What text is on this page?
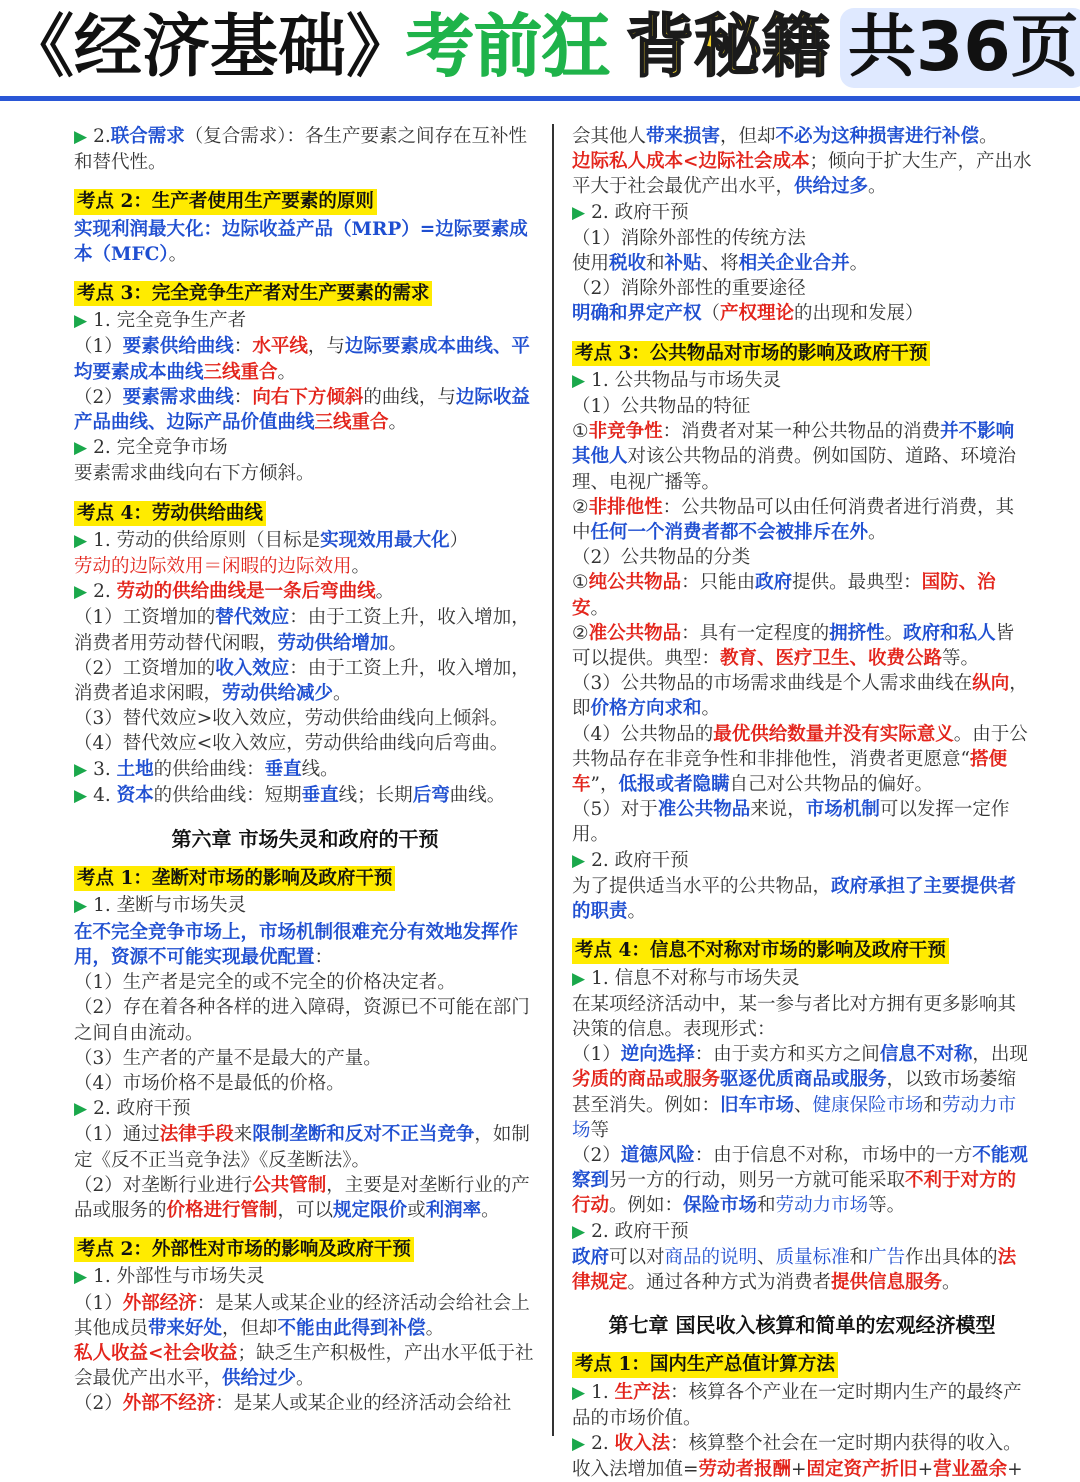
《经济基础》
考前狂 背秘籍 共36页

▶ 2.联合需求（复合需求）：各生产要素之间存在互补性和替代性。

考点 2：生产者使用生产要素的原则

实现利润最大化：边际收益产品（MRP）=边际要素成本（MFC）。

考点 3：完全竞争生产者对生产要素的需求

▶ 1. 完全竞争生产者

（1）要素供给曲线：水平线，与边际要素成本曲线、平均要素成本曲线三线重合。

（2）要素需求曲线：向右下方倾斜的曲线，与边际收益产品曲线、边际产品价值曲线三线重合。

▶ 2. 完全竞争市场

要素需求曲线向右下方倾斜。

考点 4：劳动供给曲线

▶ 1. 劳动的供给原则（目标是实现效用最大化）

劳动的边际效用＝闲暇的边际效用。

▶ 2. 劳动的供给曲线是一条后弯曲线。

（1）工资增加的替代效应：由于工资上升，收入增加，消费者用劳动替代闲暇，劳动供给增加。

（2）工资增加的收入效应：由于工资上升，收入增加，消费者追求闲暇，劳动供给减少。

（3）替代效应>收入效应，劳动供给曲线向上倾斜。

（4）替代效应<收入效应，劳动供给曲线向后弯曲。

▶ 3. 土地的供给曲线：垂直线。

▶ 4. 资本的供给曲线：短期垂直线；长期后弯曲线。

第六章 市场失灵和政府的干预
考点 1：垄断对市场的影响及政府干预

▶ 1. 垄断与市场失灵

在不完全竞争市场上，市场机制很难充分有效地发挥作用，资源不可能实现最优配置：

（1）生产者是完全的或不完全的价格决定者。

（2）存在着各种各样的进入障碍，资源已不可能在部门之间自由流动。

（3）生产者的产量不是最大的产量。

（4）市场价格不是最低的价格。

▶ 2. 政府干预

（1）通过法律手段来限制垄断和反对不正当竞争，如制定《反不正当竞争法》《反垄断法》。

（2）对垄断行业进行公共管制，主要是对垄断行业的产品或服务的价格进行管制，可以规定限价或利润率。

考点 2：外部性对市场的影响及政府干预

▶ 1. 外部性与市场失灵

（1）外部经济：是某人或某企业的经济活动会给社会上其他成员带来好处，但却不能由此得到补偿。

私人收益<社会收益；缺乏生产积极性，产出水平低于社会最优产出水平，供给过少。

（2）外部不经济：是某人或某企业的经济活动会给社

会其他人带来损害，但却不必为这种损害进行补偿。

边际私人成本<边际社会成本；倾向于扩大生产，产出水平大于社会最优产出水平，供给过多。

▶ 2. 政府干预

（1）消除外部性的传统方法

使用税收和补贴、将相关企业合并。

（2）消除外部性的重要途径

明确和界定产权（产权理论的出现和发展）

考点 3：公共物品对市场的影响及政府干预

▶ 1. 公共物品与市场失灵

（1）公共物品的特征

①非竞争性：消费者对某一种公共物品的消费并不影响其他人对该公共物品的消费。例如国防、道路、环境治理、电视广播等。

②非排他性：公共物品可以由任何消费者进行消费，其中任何一个消费者都不会被排斥在外。

（2）公共物品的分类

①纯公共物品：只能由政府提供。最典型：国防、治安。

②准公共物品：具有一定程度的拥挤性。政府和私人皆可以提供。典型：教育、医疗卫生、收费公路等。

（3）公共物品的市场需求曲线是个人需求曲线在纵向，即价格方向求和。

（4）公共物品的最优供给数量并没有实际意义。由于公共物品存在非竞争性和非排他性，消费者更愿意“搭便车”，低报或者隐瞒自己对公共物品的偏好。

（5）对于准公共物品来说，市场机制可以发挥一定作用。

▶ 2. 政府干预

为了提供适当水平的公共物品，政府承担了主要提供者的职责。

考点 4：信息不对称对市场的影响及政府干预

▶ 1. 信息不对称与市场失灵

在某项经济活动中，某一参与者比对方拥有更多影响其决策的信息。表现形式：

（1）逆向选择：由于卖方和买方之间信息不对称，出现劣质的商品或服务驱逐优质商品或服务，以致市场萎缩甚至消失。例如：旧车市场、健康保险市场和劳动力市场等

（2）道德风险：由于信息不对称，市场中的一方不能观察到另一方的行动，则另一方就可能采取不利于对方的行动。例如：保险市场和劳动力市场等。

▶ 2. 政府干预

政府可以对商品的说明、质量标准和广告作出具体的法律规定。通过各种方式为消费者提供信息服务。

第七章 国民收入核算和简单的宏观经济模型
考点 1：国内生产总值计算方法

▶ 1. 生产法：核算各个产业在一定时期内生产的最终产品的市场价值。

▶ 2. 收入法：核算整个社会在一定时期内获得的收入。

收入法增加值=劳动者报酬+固定资产折旧+营业盈余+
